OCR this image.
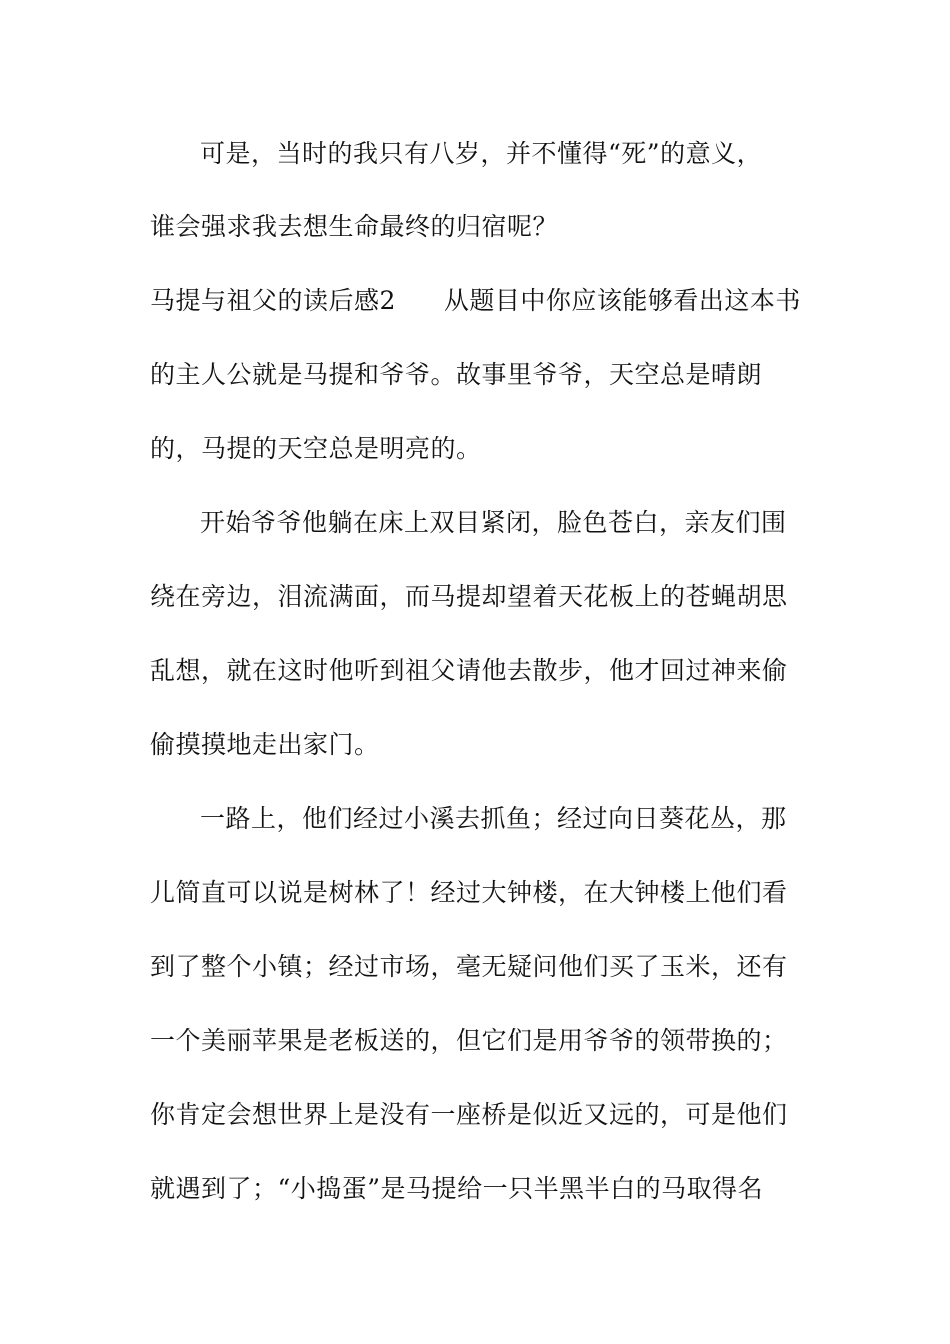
可是，当时的我只有八岁，并不懂得“死”的意义，
谁会强求我去想生命最终的归宿呢？
马提与祖父的读后感2 从题目中你应该能够看出这本书
的主人公就是马提和爷爷。故事里爷爷，天空总是晴朗
的，马提的天空总是明亮的。
开始爷爷他躺在床上双目紧闭，脸色苍白，亲友们围
绕在旁边，泪流满面，而马提却望着天花板上的苍蝇胡思
乱想，就在这时他听到祖父请他去散步，他才回过神来偷
偷摸摸地走出家门。
一路上，他们经过小溪去抓鱼；经过向日葵花丛，那
儿简直可以说是树林了！经过大钟楼，在大钟楼上他们看
到了整个小镇；经过市场，毫无疑问他们买了玉米，还有
一个美丽苹果是老板送的，但它们是用爷爷的领带换的；
你肯定会想世界上是没有一座桥是似近又远的，可是他们
就遇到了；“小捣蛋”是马提给一只半黑半白的马取得名
